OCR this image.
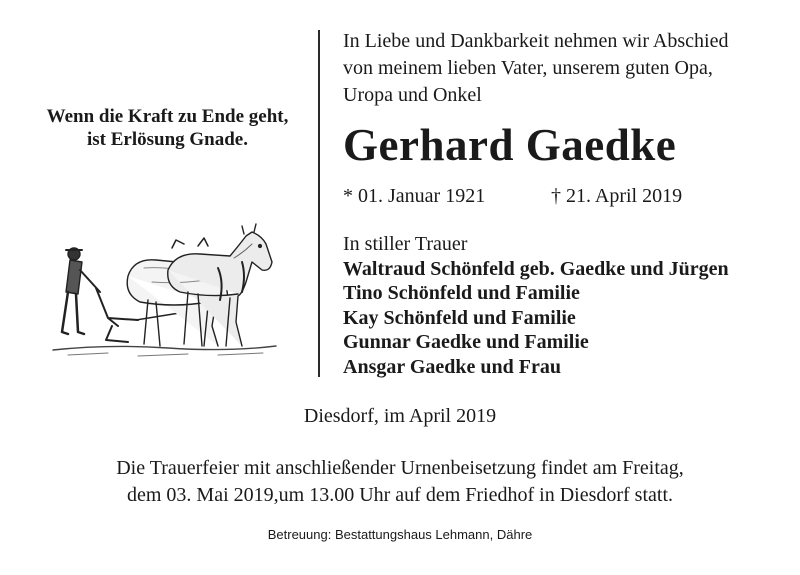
Wenn die Kraft zu Ende geht,
ist Erlösung Gnade.
In Liebe und Dankbarkeit nehmen wir Abschied
von meinem lieben Vater, unserem guten Opa,
Uropa und Onkel
Gerhard Gaedke
* 01. Januar 1921	† 21. April 2019
In stiller Trauer
Waltraud Schönfeld geb. Gaedke und Jürgen
Tino Schönfeld und Familie
Kay Schönfeld und Familie
Gunnar Gaedke und Familie
Ansgar Gaedke und Frau
Diesdorf, im April 2019
Die Trauerfeier mit anschließender Urnenbeisetzung findet am Freitag,
dem 03. Mai 2019,um 13.00 Uhr auf dem Friedhof in Diesdorf statt.
Betreuung: Bestattungshaus Lehmann, Dähre
